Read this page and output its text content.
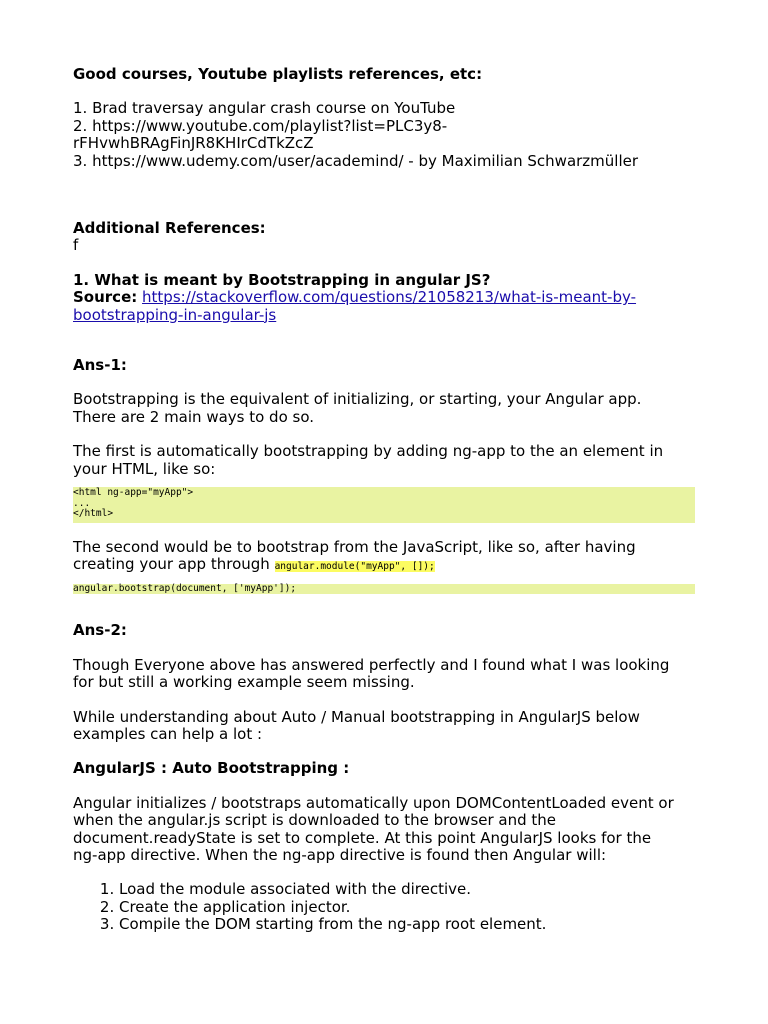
Good courses, Youtube playlists references, etc:

1. Brad traversay angular crash course on YouTube

2. https://www.youtube.com/playlist?list=PLC3y8-

rFHvwhBRAgFinJR8KHIrCdTkZcZ

3. https://www.udemy.com/user/academind/ - by Maximilian Schwarzmüller

Additional References:

f

1. What is meant by Bootstrapping in angular JS?

Source: https://stackoverflow.com/questions/21058213/what-is-meant-by-
bootstrapping-in-angular-js

Ans-1:

Bootstrapping is the equivalent of initializing, or starting, your Angular app.

There are 2 main ways to do so.

The first is automatically bootstrapping by adding ng-app to the an element in

your HTML, like so:

<html ng-app="myApp">
...
</html>

The second would be to bootstrap from the JavaScript, like so, after having

creating your app through angular.module("myApp", []);

angular.bootstrap(document, ['myApp']);

Ans-2:

Though Everyone above has answered perfectly and I found what I was looking

for but still a working example seem missing.

While understanding about Auto / Manual bootstrapping in AngularJS below

examples can help a lot :

AngularJS : Auto Bootstrapping :

Angular initializes / bootstraps automatically upon DOMContentLoaded event or

when the angular.js script is downloaded to the browser and the

document.readyState is set to complete. At this point AngularJS looks for the

ng-app directive. When the ng-app directive is found then Angular will:

1. Load the module associated with the directive.
2. Create the application injector.
3. Compile the DOM starting from the ng-app root element.
